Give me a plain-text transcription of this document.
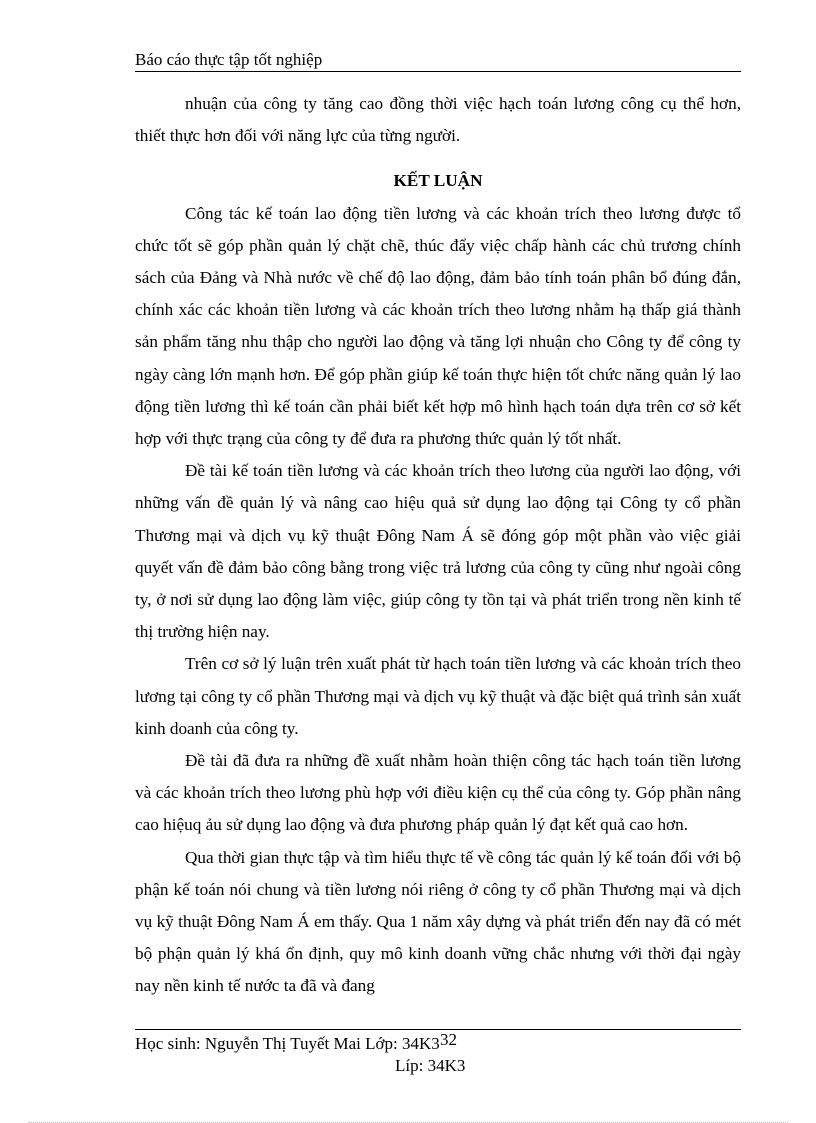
Báo cáo thực tập tốt nghiệp

nhuận của công ty tăng cao đồng thời việc hạch toán lương công cụ thể hơn, thiết thực hơn đối với năng lực của từng người.

KẾT LUẬN

Công tác kế toán lao động tiền lương và các khoản trích theo lương được tổ chức tốt sẽ góp phần quản lý chặt chẽ, thúc đẩy việc chấp hành các chủ trương chính sách của Đảng và Nhà nước về chế độ lao động, đảm bảo tính toán phân bổ đúng đắn, chính xác các khoản tiền lương và các khoản trích theo lương nhằm hạ thấp giá thành sản phẩm tăng nhu thập cho người lao động và tăng lợi nhuận cho Công ty để công ty ngày càng lớn mạnh hơn. Để góp phần giúp kế toán thực hiện tốt chức năng quản lý lao động tiền lương thì kế toán cần phải biết kết hợp mô hình hạch toán dựa trên cơ sở kết hợp với thực trạng của công ty để đưa ra phương thức quản lý tốt nhất.

Đề tài kế toán tiền lương và các khoản trích theo lương của người lao động, với những vấn đề quản lý và nâng cao hiệu quả sử dụng lao động tại Công ty cổ phần Thương mại và dịch vụ kỹ thuật Đông Nam Á sẽ đóng góp một phần vào việc giải quyết vấn đề đảm bảo công bằng trong việc trả lương của công ty cũng như ngoài công ty, ở nơi sử dụng lao động làm việc, giúp công ty tồn tại và phát triển trong nền kinh tế thị trường hiện nay.

Trên cơ sở lý luận trên xuất phát từ hạch toán tiền lương và các khoản trích theo lương tại công ty cổ phần Thương mại và dịch vụ kỹ thuật và đặc biệt quá trình sản xuất kinh doanh của công ty.

Đề tài đã đưa ra những đề xuất nhằm hoàn thiện công tác hạch toán tiền lương và các khoản trích theo lương phù hợp với điều kiện cụ thể của công ty. Góp phần nâng cao hiệuq ảu sử dụng lao động và đưa phương pháp quản lý đạt kết quả cao hơn.

Qua thời gian thực tập và tìm hiểu thực tế về công tác quản lý kế toán đối với bộ phận kế toán nói chung và tiền lương nói riêng ở công ty cổ phần Thương mại và dịch vụ kỹ thuật Đông Nam Á em thấy. Qua 1 năm xây dựng và phát triển đến nay đã có mét bộ phận quản lý khá ổn định, quy mô kinh doanh vững chắc nhưng với thời đại ngày nay nền kinh tế nước ta đã và đang

Học sinh: Nguyễn Thị Tuyết Mai Lớp: 34K3 32
Líp: 34K3
